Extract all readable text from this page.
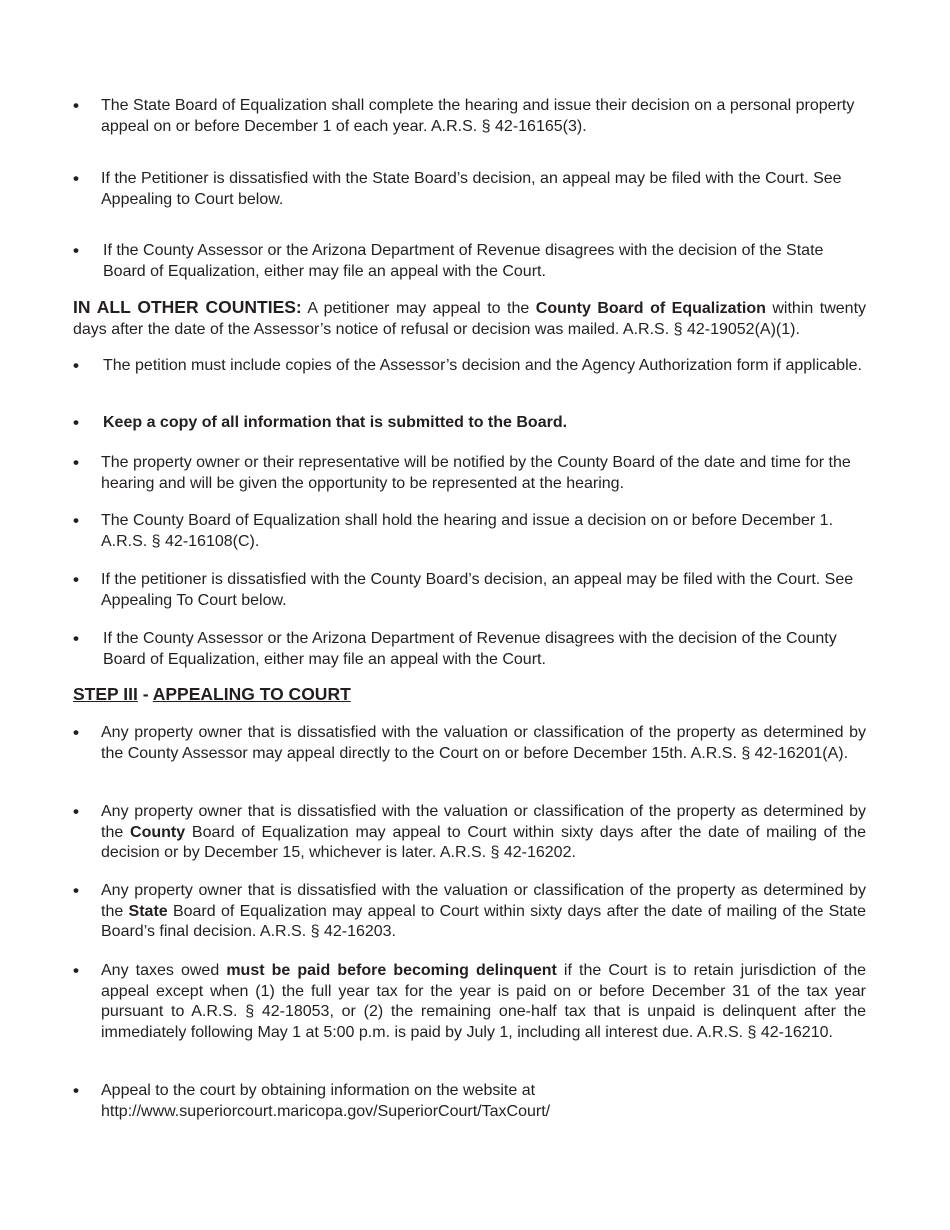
• The State Board of Equalization shall complete the hearing and issue their decision on a personal property appeal on or before December 1 of each year. A.R.S. § 42-16165(3).
• If the Petitioner is dissatisfied with the State Board’s decision, an appeal may be filed with the Court. See Appealing to Court below.
• If the County Assessor or the Arizona Department of Revenue disagrees with the decision of the State Board of Equalization, either may file an appeal with the Court.
IN ALL OTHER COUNTIES: A petitioner may appeal to the County Board of Equalization within twenty days after the date of the Assessor’s notice of refusal or decision was mailed. A.R.S. § 42-19052(A)(1).
• The petition must include copies of the Assessor’s decision and the Agency Authorization form if applicable.
• Keep a copy of all information that is submitted to the Board.
• The property owner or their representative will be notified by the County Board of the date and time for the hearing and will be given the opportunity to be represented at the hearing.
• The County Board of Equalization shall hold the hearing and issue a decision on or before December 1. A.R.S. § 42-16108(C).
• If the petitioner is dissatisfied with the County Board’s decision, an appeal may be filed with the Court. See Appealing To Court below.
• If the County Assessor or the Arizona Department of Revenue disagrees with the decision of the County Board of Equalization, either may file an appeal with the Court.
STEP III - APPEALING TO COURT
• Any property owner that is dissatisfied with the valuation or classification of the property as determined by the County Assessor may appeal directly to the Court on or before December 15th. A.R.S. § 42-16201(A).
• Any property owner that is dissatisfied with the valuation or classification of the property as determined by the County Board of Equalization may appeal to Court within sixty days after the date of mailing of the decision or by December 15, whichever is later. A.R.S. § 42-16202.
• Any property owner that is dissatisfied with the valuation or classification of the property as determined by the State Board of Equalization may appeal to Court within sixty days after the date of mailing of the State Board’s final decision. A.R.S. § 42-16203.
• Any taxes owed must be paid before becoming delinquent if the Court is to retain jurisdiction of the appeal except when (1) the full year tax for the year is paid on or before December 31 of the tax year pursuant to A.R.S. § 42-18053, or (2) the remaining one-half tax that is unpaid is delinquent after the immediately following May 1 at 5:00 p.m. is paid by July 1, including all interest due. A.R.S. § 42-16210.
• Appeal to the court by obtaining information on the website at
http://www.superiorcourt.maricopa.gov/SuperiorCourt/TaxCourt/
